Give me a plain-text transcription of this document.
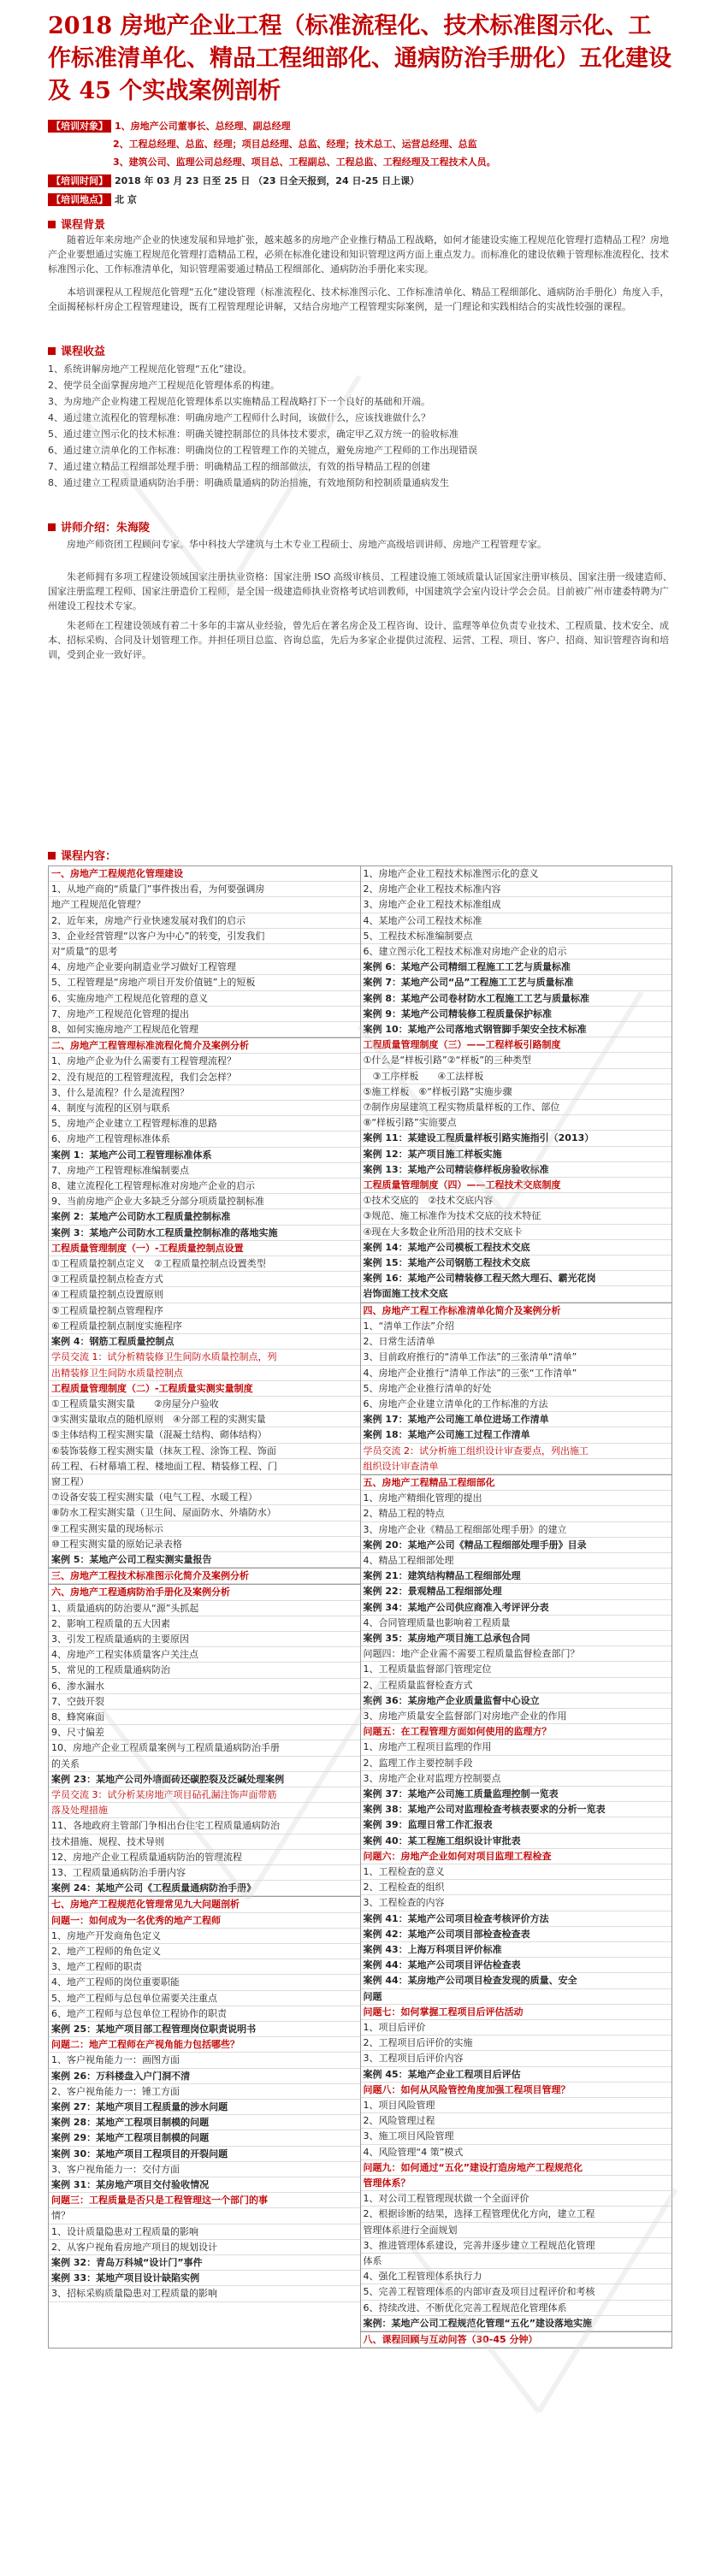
2018 房地产企业工程（标准流程化、技术标准图示化、工作标准清单化、精品工程细部化、通病防治手册化）五化建设及 45 个实战案例剖析
【培训对象】 1、房地产公司董事长、总经理、副总经理
2、工程总经理、总监、经理；项目总经理、总监、经理；技术总工、运营总经理、总监
3、建筑公司、监理公司总经理、项目总、工程副总、工程总监、工程经理及工程技术人员。
【培训时间】 2018 年 03 月 23 日至 25 日 （23 日全天报到，24 日-25 日上课）
【培训地点】 北 京
课程背景
随着近年来房地产企业的快速发展和异地扩张，越来越多的房地产企业推行精品工程战略，如何才能建设实施工程规范化管理打造精品工程？房地产企业要想通过实施工程规范化管理打造精品工程，必须在标准化建设和知识管理这两方面上重点发力。而标准化的建设依赖于管理标准流程化、技术标准图示化、工作标准清单化，知识管理需要通过精品工程细部化、通病防治手册化来实现。
本培训课程从工程规范化管理“五化”建设管理（标准流程化、技术标准图示化、工作标准清单化、精品工程细部化、通病防治手册化）角度入手，全面揭秘标杆房企工程管理建设，既有工程管理理论讲解，又结合房地产工程管理实际案例，是一门理论和实践相结合的实战性较强的课程。
课程收益
1、系统讲解房地产工程规范化管理“五化”建设。
2、使学员全面掌握房地产工程规范化管理体系的构建。
3、为房地产企业构建工程规范化管理体系以实施精品工程战略打下一个良好的基础和开端。
4、通过建立流程化的管理标准：明确房地产工程师什么时间，该做什么，应该找谁做什么？
5、通过建立图示化的技术标准：明确关键控制部位的具体技术要求，确定甲乙双方统一的验收标准
6、通过建立清单化的工作标准：明确岗位的工程管理工作的关键点，避免房地产工程师的工作出现错误
7、通过建立精品工程细部处理手册：明确精品工程的细部做法，有效的指导精品工程的创建
8、通过建立工程质量通病防治手册：明确质量通病的防治措施，有效地预防和控制质量通病发生
讲师介绍：朱海陵
房地产师资团工程顾问专家。华中科技大学建筑与土木专业工程硕士、房地产高级培训讲师、房地产工程管理专家。
朱老师拥有多项工程建设领域国家注册执业资格：国家注册 ISO 高级审核员、工程建设施工领域质量认证国家注册审核员、国家注册一级建造师、国家注册监理工程师、国家注册造价工程师，是全国一级建造师执业资格考试培训教师，中国建筑学会室内设计学会会员。目前被广州市建委特聘为广州建设工程技术专家。
朱老师在工程建设领域有着二十多年的丰富从业经验，曾先后在著名房企及工程咨询、设计、监理等单位负责专业技术、工程质量、技术安全、成本、招标采购、合同及计划管理工作。并担任项目总监、咨询总监，先后为多家企业提供过流程、运营、工程、项目、客户、招商、知识管理咨询和培训，受到企业一致好评。
课程内容：
一、房地产工程规范化管理建设
1、从地产商的“质量门”事件拨出看，为何要强调房
地产工程规范化管理？
2、近年来，房地产行业快速发展对我们的启示
3、企业经营管理“以客户为中心”的转变，引发我们
对“质量”的思考
4、房地产企业要向制造业学习做好工程管理
5、工程管理是“房地产项目开发价值链”上的短板
6、实施房地产工程规范化管理的意义
7、房地产工程规范化管理的提出
8、如何实施房地产工程规范化管理
二、房地产工程管理标准流程化简介及案例分析
1、房地产企业为什么需要有工程管理流程？
2、没有规范的工程管理流程，我们会怎样？
3、什么是流程？什么是流程图？
4、制度与流程的区别与联系
5、房地产企业建立工程管理标准的思路
6、房地产工程管理标准体系
案例 1：某地产公司工程管理标准体系
7、房地产工程管理标准编制要点
8、建立流程化工程管理标准对房地产企业的启示
9、当前房地产企业大多缺乏分部分项质量控制标准
案例 2：某地产公司防水工程质量控制标准
案例 3：某地产公司防水工程质量控制标准的落地实施
工程质量管理制度（一）-工程质量控制点设置
①工程质量控制点定义　②工程质量控制点设置类型
③工程质量控制点检查方式
④工程质量控制点设置原则
⑤工程质量控制点管理程序
⑥工程质量控制点制度实施程序
案例 4：钢筋工程质量控制点
学员交流 1：试分析精装修卫生间防水质量控制点，列
出精装修卫生间防水质量控制点
工程质量管理制度（二）-工程质量实测实量制度
①工程质量实测实量　　②房屋分户验收
③实测实量取点的随机原则　④分部工程的实测实量
⑤主体结构工程实测实量（混凝土结构、砌体结构）
⑥装饰装修工程实测实量（抹灰工程、涂饰工程、饰面
砖工程、石材幕墙工程、楼地面工程、精装修工程、门
窗工程）
⑦设备安装工程实测实量（电气工程、水暖工程）
⑧防水工程实测实量（卫生间、屋面防水、外墙防水）
⑨工程实测实量的现场标示
⑩工程实测实量的原始记录表格
案例 5：某地产公司工程实测实量报告
三、房地产工程技术标准图示化简介及案例分析
六、房地产工程通病防治手册化及案例分析
1、质量通病的防治要从“源”头抓起
2、影响工程质量的五大因素
3、引发工程质量通病的主要原因
4、房地产工程实体质量客户关注点
5、常见的工程质量通病防治
6、渗水漏水
7、空鼓开裂
8、蜂窝麻面
9、尺寸偏差
10、房地产企业工程质量案例与工程质量通病防治手册
的关系
案例 23：某地产公司外墙面砖还碳腔裂及泛碱处理案例
学员交流 3：试分析某房地产项目砧孔漏注饰声面带筋
落及处理措施
11、各地政府主管部门争相出台住宅工程质量通病防治
技术措施、规程、技术导则
12、房地产企业工程质量通病防治的管理流程
13、工程质量通病防治手册内容
案例 24：某地产公司《工程质量通病防治手册》
七、房地产工程规范化管理常见九大问题剖析
问题一：如何成为一名优秀的地产工程师
1、房地产开发商角色定义
2、地产工程师的角色定义
3、地产工程师的职责
4、地产工程师的岗位重要职能
5、地产工程师与总包单位需要关注重点
6、地产工程师与总包单位工程协作的职责
案例 25：某地产项目部工程管理岗位职责说明书
问题二：地产工程师在产视角能力包括哪些？
1、客户视角能力一：画图方面
案例 26：万科楼盘入户门洞不清
2、客户视角能力一：锤工方面
案例 27：某地产项目工程质量的涉水问题
案例 28：某地产工程项目制模的问题
案例 29：某地产工程项目制模的问题
案例 30：某地产项目工程项目的开裂问题
3、客户视角能力一：交付方面
案例 31：某房地产项目交付验收情况
问题三：工程质量是否只是工程管理这一个部门的事
情？
1、设计质量隐患对工程质量的影响
2、从客户视角看房地产项目的规划设计
案例 32：青岛万科城“设计门”事件
案例 33：某地产项目设计缺陷实例
3、招标采购质量隐患对工程质量的影响

1、房地产企业工程技术标准图示化的意义
2、房地产企业工程技术标准内容
3、房地产企业工程技术标准组成
4、某地产公司工程技术标准
5、工程技术标准编制要点
6、建立图示化工程技术标准对房地产企业的启示
案例 6：某地产公司精细工程施工工艺与质量标准
案例 7：某地产公司“品”工程施工工艺与质量标准
案例 8：某地产公司卷材防水工程施工工艺与质量标准
案例 9：某地产公司精装修工程质量保护标准
案例 10：某地产公司落地式钢管脚手架安全技术标准
工程质量管理制度（三）——工程样板引路制度
①什么是“样板引路”②“样板”的三种类型
　③工序样板　　④工法样板
⑤施工样板　⑥“样板引路”实施步骤
⑦制作房屋建筑工程实物质量样板的工作、部位
⑧“样板引路”实施要点
案例 11：某建设工程质量样板引路实施指引（2013）
案例 12：某产项目施工样板实施
案例 13：某地产公司精装修样板房验收标准
工程质量管理制度（四）——工程技术交底制度
①技术交底的　②技术交底内容
③规范、施工标准作为技术交底的技术特征
④现在大多数企业所沿用的技术交底卡
案例 14：某地产公司模板工程技术交底
案例 15：某地产公司钢筋工程技术交底
案例 16：某地产公司精装修工程天然大理石、霸光花岗
岩饰面施工技术交底
四、房地产工程工作标准清单化简介及案例分析
1、“清单工作法”介绍
2、日常生活清单
3、目前政府推行的“清单工作法”的三张清单“清单”
4、房地产企业推行“清单工作法”的三张“工作清单”
5、房地产企业推行清单的好处
6、房地产企业建立清单化的工作标准的方法
案例 17：某地产公司施工单位进场工作清单
案例 18：某地产公司施工过程工作清单
学员交流 2：试分析施工组织设计审查要点，列出施工
组织设计审查清单
五、房地产工程精品工程细部化
1、房地产精细化管理的提出
2、精品工程的特点
3、房地产企业《精品工程细部处理手册》的建立
案例 20：某地产公司《精品工程细部处理手册》目录
4、精品工程细部处理
案例 21：建筑结构精品工程细部处理
案例 22：景观精品工程细部处理
案例 34：某地产公司供应商准入考评评分表
4、合同管理质量也影响着工程质量
案例 35：某房地产项目施工总承包合同
问题四：地产企业需不需要工程质量监督检查部门？
1、工程质量监督部门管理定位
2、工程质量监督检查方式
案例 36：某房地产企业质量监督中心设立
3、房地产质量安全监督部门对房地产企业的作用
问题五：在工程管理方面如何使用的监理方？
1、房地产工程项目监理的作用
2、监理工作主要控制手段
3、房地产企业对监理方控制要点
案例 37：某地产公司施工质量监理控制一览表
案例 38：某地产公司对监理检查考核表要求的分析一览表
案例 39：监理日常工作汇报表
案例 40：某工程施工组织设计审批表
问题六：房地产企业如何对项目监理工程检查
1、工程检查的意义
2、工程检查的组织
3、工程检查的内容
案例 41：某地产公司项目检查考核评价方法
案例 42：某地产公司项目部检查检查表
案例 43：上海万科项目评价标准
案例 44：某地产公司项目评估检查表
案例 44：某房地产公司项目检查发现的质量、安全
问题
问题七：如何掌握工程项目后评估活动
1、项目后评价
2、工程项目后评价的实施
3、工程项目后评价内容
案例 45：某地产企业工程项目后评估
问题八：如何从风险管控角度加强工程项目管理？
1、项目风险管理
2、风险管理过程
3、施工项目风险管理
4、风险管理“4 策”模式
问题九：如何通过“五化”建设打造房地产工程规范化
管理体系？
1、对公司工程管理现状做一个全面评价
2、根据诊断的结果，选择工程管理优化方向，建立工程
管理体系进行全面规划
3、推进管理体系建设，完善并逐步建立工程规范化管理
体系
4、强化工程管理体系执行力
5、完善工程管理体系的内部审查及项目过程评价和考核
6、持续改进、不断优化完善工程规范化管理体系
案例：某地产公司工程规范化管理“五化”建设落地实施
八、课程回顾与互动问答（30-45 分钟）
